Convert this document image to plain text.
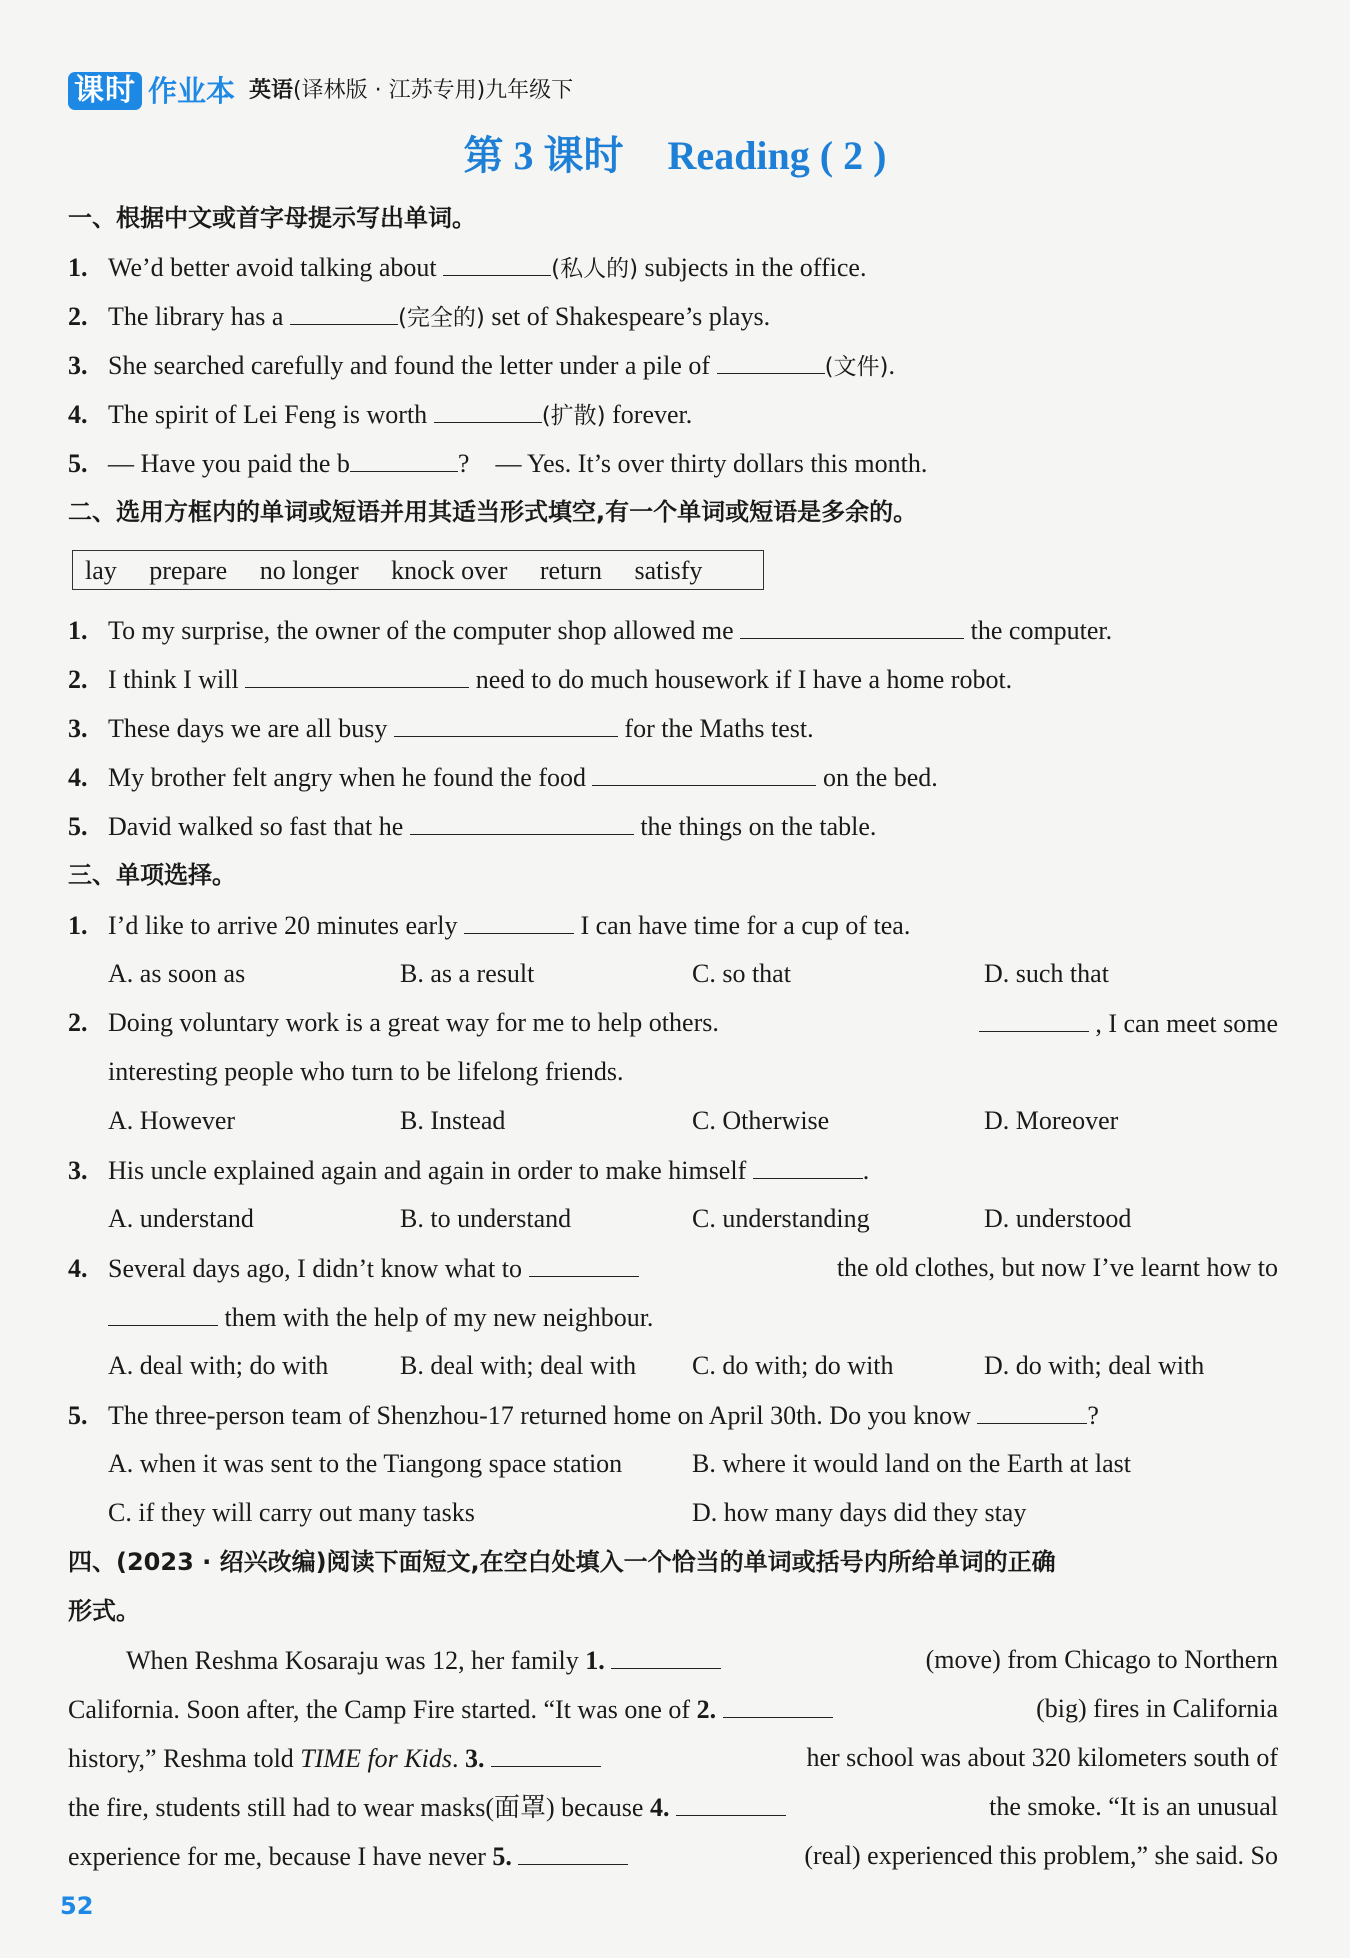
课时 作业本 英语(译林版 · 江苏专用)九年级下
第 3 课时 Reading ( 2 )
一、根据中文或首字母提示写出单词。
1. We’d better avoid talking about	(私人的) subjects in the office.
2. The library has a	(完全的) set of Shakespeare’s plays.
3. She searched carefully and found the letter under a pile of	(文件).
4. The spirit of Lei Feng is worth	(扩散) forever.
5. — Have you paid the b	? — Yes. It’s over thirty dollars this month.
二、选用方框内的单词或短语并用其适当形式填空,有一个单词或短语是多余的。
lay prepare no longer knock over return satisfy
1. To my surprise, the owner of the computer shop allowed me	the computer.
2. I think I will	need to do much housework if I have a home robot.
3. These days we are all busy	for the Maths test.
4. My brother felt angry when he found the food	on the bed.
5. David walked so fast that he	the things on the table.
三、单项选择。
1. I’d like to arrive 20 minutes early	I can have time for a cup of tea.
A. as soon as	B. as a result	C. so that	D. such that
2. Doing voluntary work is a great way for me to help others.	, I can meet some
interesting people who turn to be lifelong friends.
A. However	B. Instead	C. Otherwise	D. Moreover
3. His uncle explained again and again in order to make himself	.
A. understand	B. to understand	C. understanding	D. understood
4. Several days ago, I didn’t know what to	the old clothes, but now I’ve learnt how to
them with the help of my new neighbour.
A. deal with; do with	B. deal with; deal with C. do with; do with	D. do with; deal with
5. The three-person team of Shenzhou-17 returned home on April 30th. Do you know	?
A. when it was sent to the Tiangong space station	B. where it would land on the Earth at last
C. if they will carry out many tasks	D. how many days did they stay
四、(2023 · 绍兴改编)阅读下面短文,在空白处填入一个恰当的单词或括号内所给单词的正确
形式。
When Reshma Kosaraju was 12, her family 1.	(move) from Chicago to Northern
California. Soon after, the Camp Fire started. “It was one of 2.	(big) fires in California
history,” Reshma told TIME for Kids. 3.	her school was about 320 kilometers south of
the fire, students still had to wear masks(面罩) because 4.	the smoke. “It is an unusual
experience for me, because I have never 5.	(real) experienced this problem,” she said. So
52
